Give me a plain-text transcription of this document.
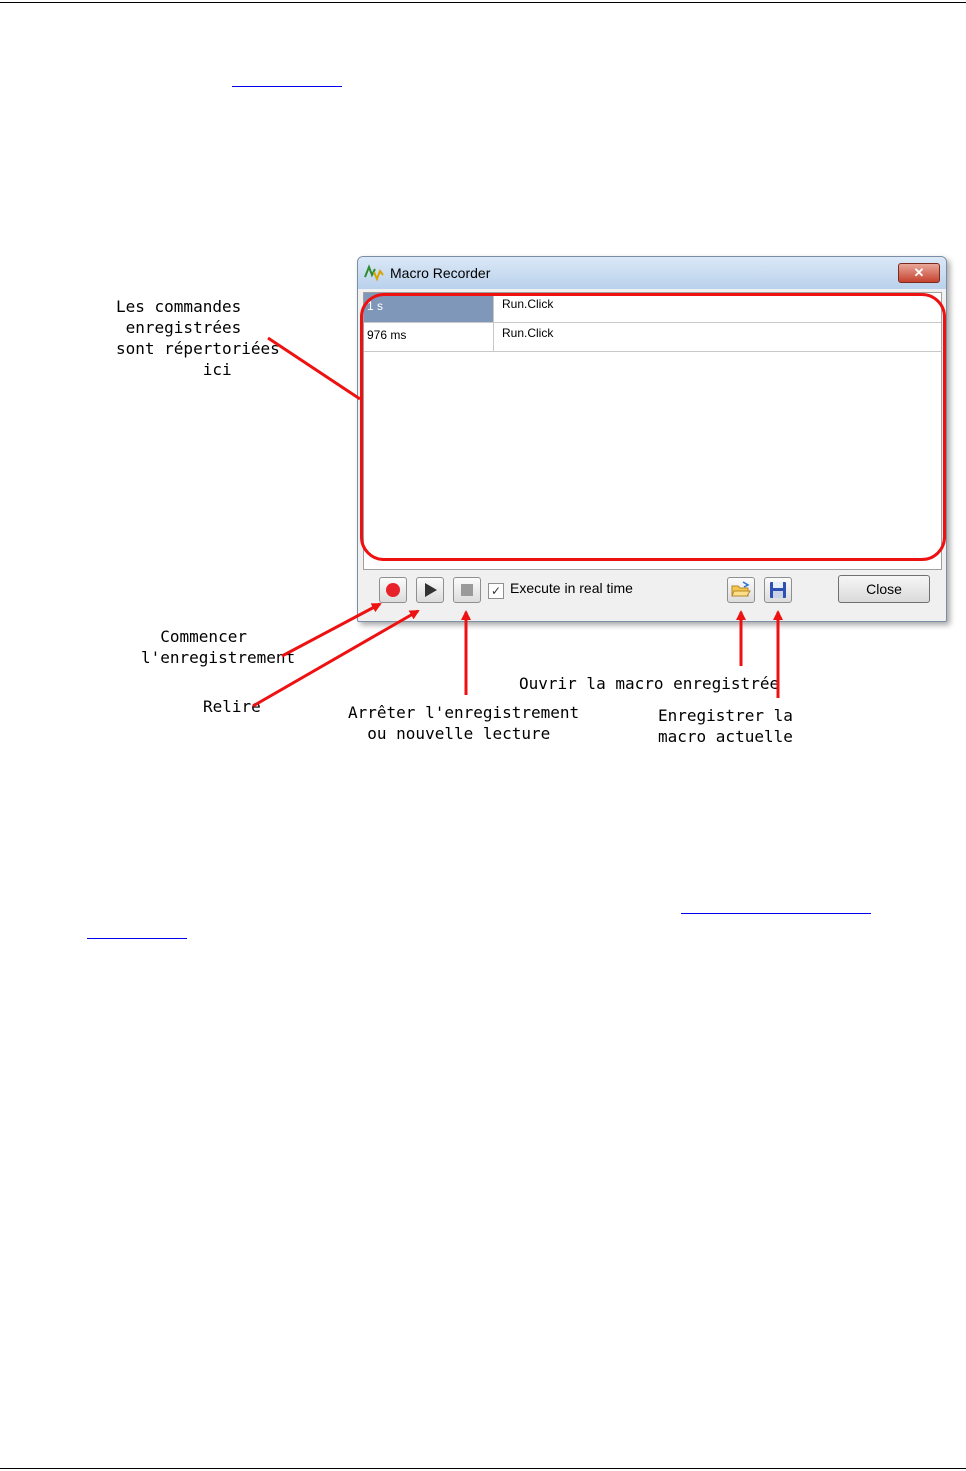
Macro Recorder	✕
1 s	Run.Click
976 ms	Run.Click
✓ Execute in real time	Close
Les commandes
enregistrées
sont répertoriées
ici
Commencer
l'enregistrement
Relire	Arrêter l'enregistrement
ou nouvelle lecture
Ouvrir la macro enregistrée
Enregistrer la
macro actuelle
